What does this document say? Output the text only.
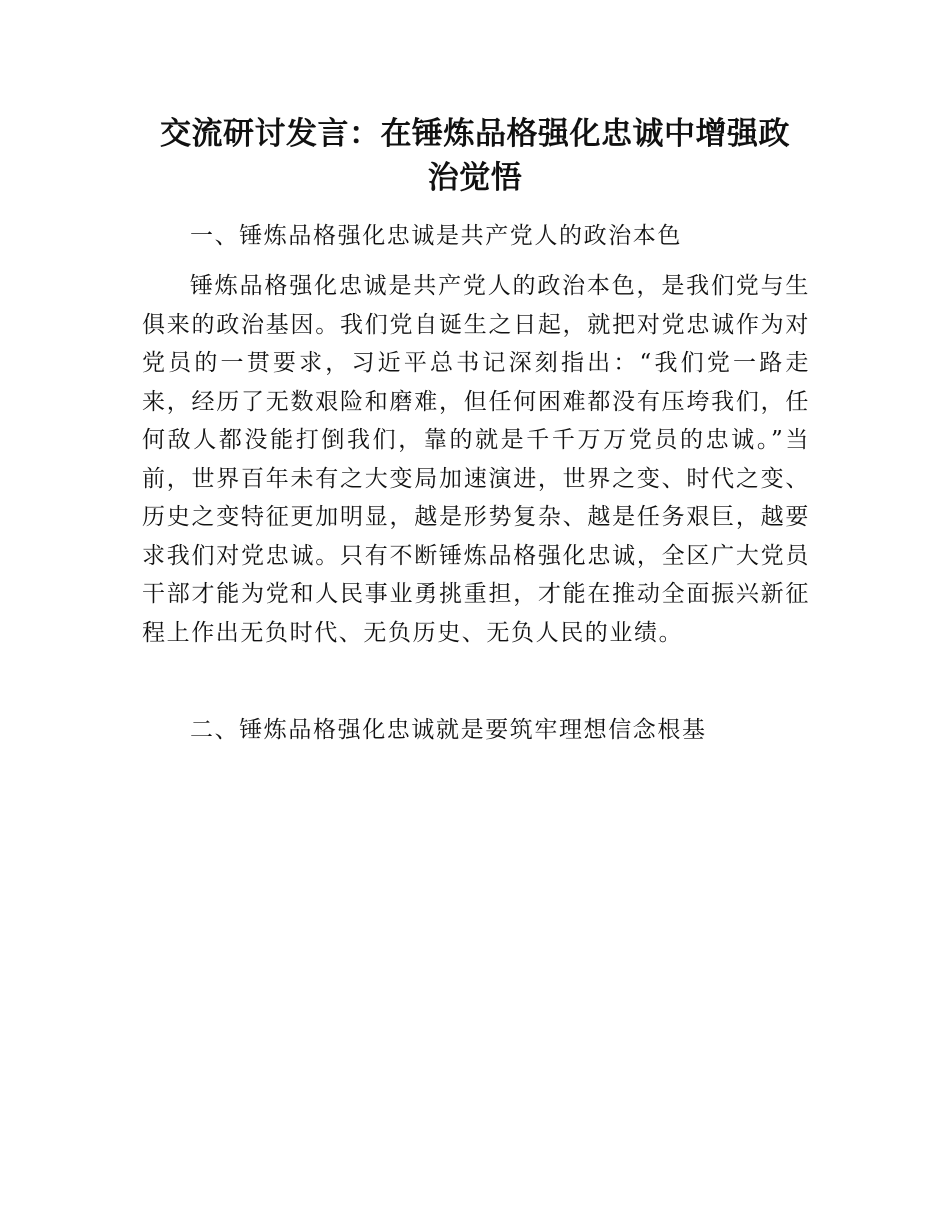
交流研讨发言：在锤炼品格强化忠诚中增强政
治觉悟

一、锤炼品格强化忠诚是共产党人的政治本色

锤炼品格强化忠诚是共产党人的政治本色，是我们党与生俱来的政治基因。我们党自诞生之日起，就把对党忠诚作为对党员的一贯要求，习近平总书记深刻指出：“我们党一路走来，经历了无数艰险和磨难，但任何困难都没有压垮我们，任何敌人都没能打倒我们，靠的就是千千万万党员的忠诚。”当前，世界百年未有之大变局加速演进，世界之变、时代之变、历史之变特征更加明显，越是形势复杂、越是任务艰巨，越要求我们对党忠诚。只有不断锤炼品格强化忠诚，全区广大党员干部才能为党和人民事业勇挑重担，才能在推动全面振兴新征程上作出无负时代、无负历史、无负人民的业绩。

二、锤炼品格强化忠诚就是要筑牢理想信念根基
